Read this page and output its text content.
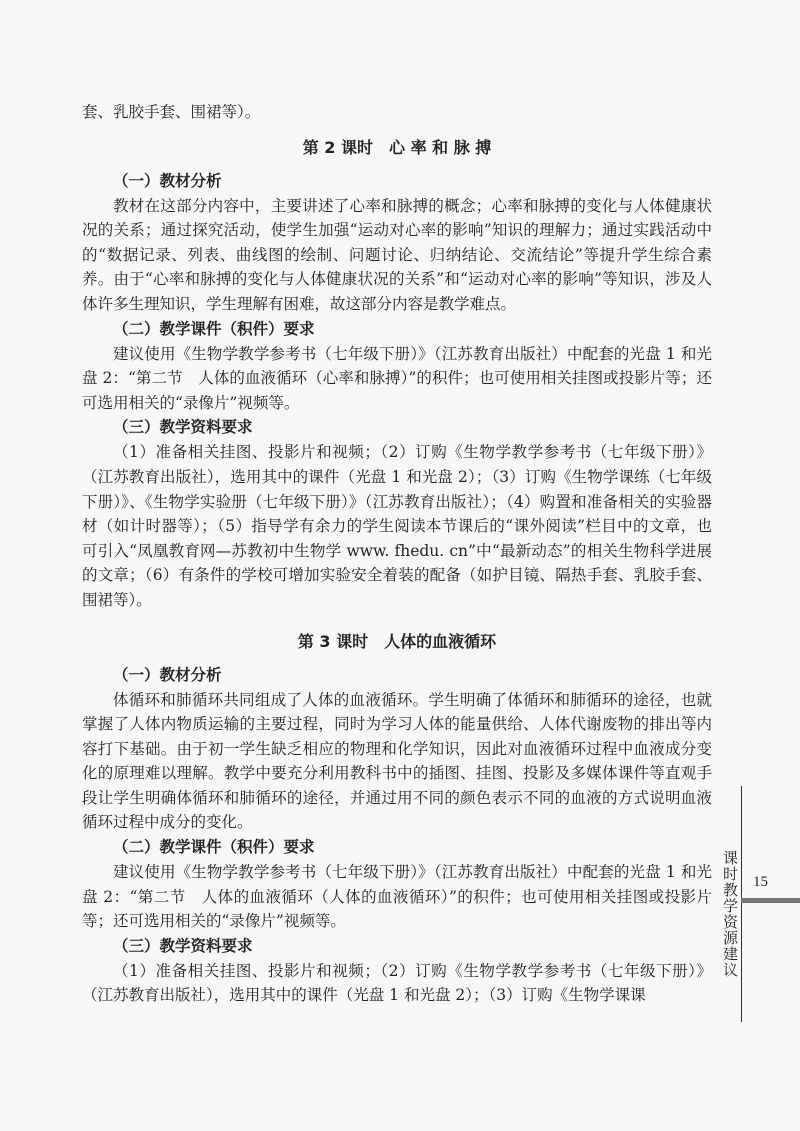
套、乳胶手套、围裙等）。

第 2 课时　心 率 和 脉 搏
（一）教材分析

教材在这部分内容中，主要讲述了心率和脉搏的概念；心率和脉搏的变化与人体健康状况的关系；通过探究活动，使学生加强“运动对心率的影响”知识的理解力；通过实践活动中的“数据记录、列表、曲线图的绘制、问题讨论、归纳结论、交流结论”等提升学生综合素养。由于“心率和脉搏的变化与人体健康状况的关系”和“运动对心率的影响”等知识，涉及人体许多生理知识，学生理解有困难，故这部分内容是教学难点。

（二）教学课件（积件）要求

建议使用《生物学教学参考书（七年级下册）》（江苏教育出版社）中配套的光盘 1 和光盘 2：“第二节　人体的血液循环（心率和脉搏）”的积件；也可使用相关挂图或投影片等；还可选用相关的“录像片”视频等。

（三）教学资料要求

（1）准备相关挂图、投影片和视频；（2）订购《生物学教学参考书（七年级下册）》（江苏教育出版社），选用其中的课件（光盘 1 和光盘 2）；（3）订购《生物学课练（七年级下册）》、《生物学实验册（七年级下册）》（江苏教育出版社）；（4）购置和准备相关的实验器材（如计时器等）；（5）指导学有余力的学生阅读本节课后的“课外阅读”栏目中的文章，也可引入“凤凰教育网—苏教初中生物学 www. fhedu. cn”中“最新动态”的相关生物科学进展的文章；（6）有条件的学校可增加实验安全着装的配备（如护目镜、隔热手套、乳胶手套、围裙等）。

第 3 课时　人体的血液循环
（一）教材分析

体循环和肺循环共同组成了人体的血液循环。学生明确了体循环和肺循环的途径，也就掌握了人体内物质运输的主要过程，同时为学习人体的能量供给、人体代谢废物的排出等内容打下基础。由于初一学生缺乏相应的物理和化学知识，因此对血液循环过程中血液成分变化的原理难以理解。教学中要充分利用教科书中的插图、挂图、投影及多媒体课件等直观手段让学生明确体循环和肺循环的途径，并通过用不同的颜色表示不同的血液的方式说明血液循环过程中成分的变化。

（二）教学课件（积件）要求

建议使用《生物学教学参考书（七年级下册）》（江苏教育出版社）中配套的光盘 1 和光盘 2：“第二节　人体的血液循环（人体的血液循环）”的积件；也可使用相关挂图或投影片等；还可选用相关的“录像片”视频等。

（三）教学资料要求

（1）准备相关挂图、投影片和视频；（2）订购《生物学教学参考书（七年级下册）》（江苏教育出版社），选用其中的课件（光盘 1 和光盘 2）；（3）订购《生物学课课

课时教学资源建议 15
